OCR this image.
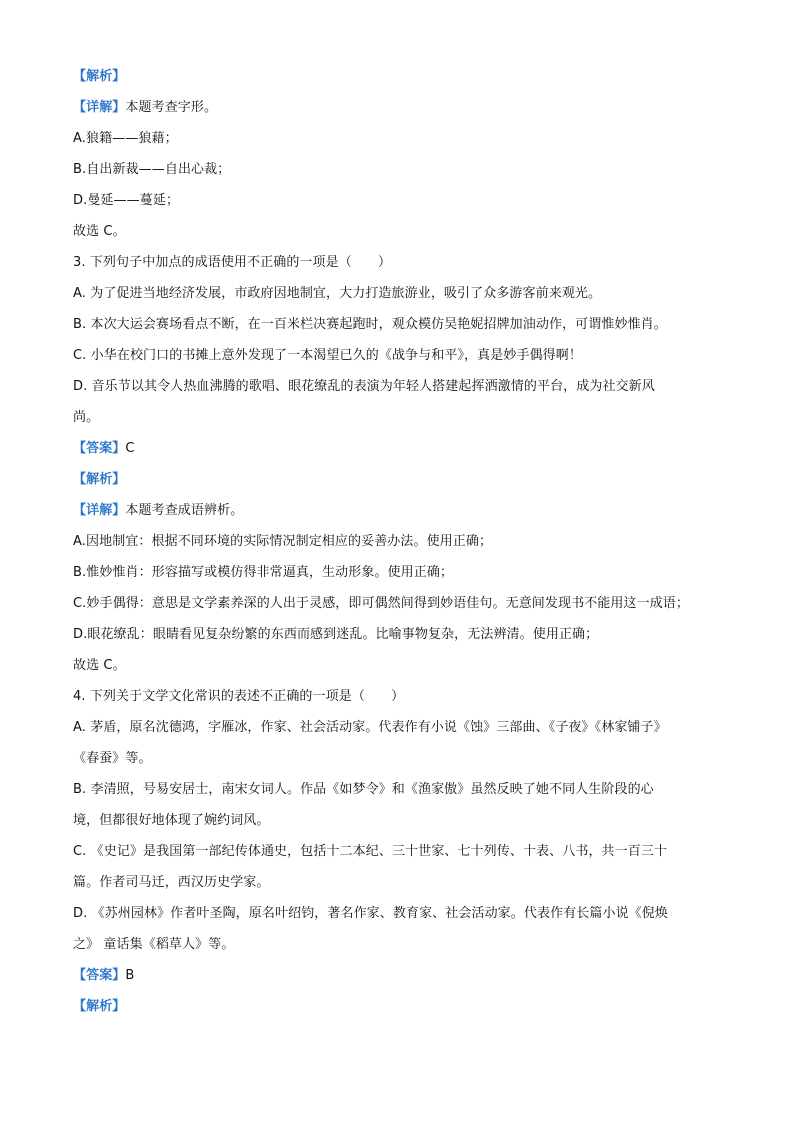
【解析】
【详解】本题考查字形。
A.狼籍——狼藉；
B.自出新裁——自出心裁；
D.曼延——蔓延；
故选 C。
3. 下列句子中加点的成语使用不正确的一项是（　　）
A. 为了促进当地经济发展，市政府因地制宜，大力打造旅游业，吸引了众多游客前来观光。
B. 本次大运会赛场看点不断，在一百米栏决赛起跑时，观众模仿吴艳妮招牌加油动作，可谓惟妙惟肖。
C. 小华在校门口的书摊上意外发现了一本渴望已久的《战争与和平》，真是妙手偶得啊！
D. 音乐节以其令人热血沸腾的歌唱、眼花缭乱的表演为年轻人搭建起挥洒激情的平台，成为社交新风
尚。
【答案】C
【解析】
【详解】本题考查成语辨析。
A.因地制宜：根据不同环境的实际情况制定相应的妥善办法。使用正确；
B.惟妙惟肖：形容描写或模仿得非常逼真，生动形象。使用正确；
C.妙手偶得：意思是文学素养深的人出于灵感，即可偶然间得到妙语佳句。无意间发现书不能用这一成语；
D.眼花缭乱：眼睛看见复杂纷繁的东西而感到迷乱。比喻事物复杂，无法辨清。使用正确；
故选 C。
4. 下列关于文学文化常识的表述不正确的一项是（　　）
A. 茅盾，原名沈德鸿，字雁冰，作家、社会活动家。代表作有小说《蚀》三部曲、《子夜》《林家铺子》
《春蚕》等。
B. 李清照，号易安居士，南宋女词人。作品《如梦令》和《渔家傲》虽然反映了她不同人生阶段的心
境，但都很好地体现了婉约词风。
C. 《史记》是我国第一部纪传体通史，包括十二本纪、三十世家、七十列传、十表、八书，共一百三十
篇。作者司马迁，西汉历史学家。
D. 《苏州园林》作者叶圣陶，原名叶绍钧，著名作家、教育家、社会活动家。代表作有长篇小说《倪焕
之》 童话集《稻草人》等。
【答案】B
【解析】
